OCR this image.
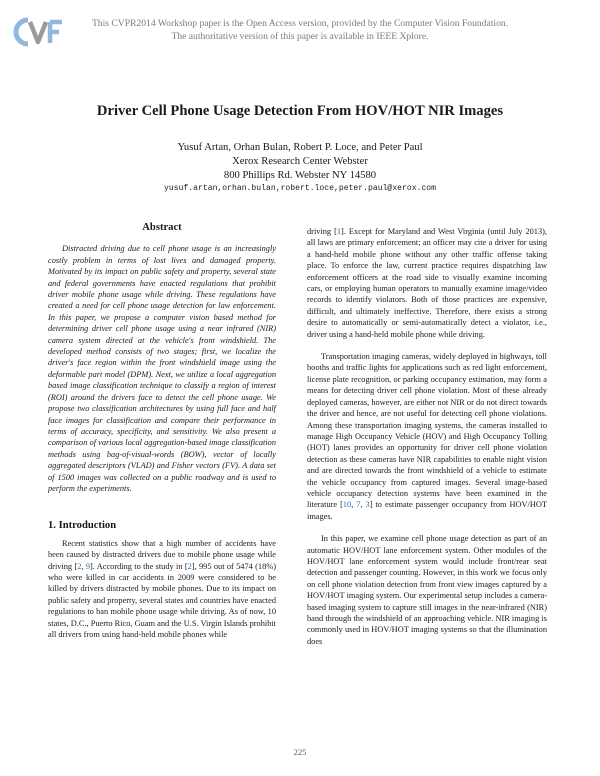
This CVPR2014 Workshop paper is the Open Access version, provided by the Computer Vision Foundation.
The authoritative version of this paper is available in IEEE Xplore.
Driver Cell Phone Usage Detection From HOV/HOT NIR Images
Yusuf Artan, Orhan Bulan, Robert P. Loce, and Peter Paul
Xerox Research Center Webster
800 Phillips Rd. Webster NY 14580
yusuf.artan,orhan.bulan,robert.loce,peter.paul@xerox.com
Abstract

Distracted driving due to cell phone usage is an increasingly costly problem in terms of lost lives and damaged property. Motivated by its impact on public safety and property, several state and federal governments have enacted regulations that prohibit driver mobile phone usage while driving. These regulations have created a need for cell phone usage detection for law enforcement. In this paper, we propose a computer vision based method for determining driver cell phone usage using a near infrared (NIR) camera system directed at the vehicle's front windshield. The developed method consists of two stages; first, we localize the driver's face region within the front windshield image using the deformable part model (DPM). Next, we utilize a local aggregation based image classification technique to classify a region of interest (ROI) around the drivers face to detect the cell phone usage. We propose two classification architectures by using full face and half face images for classification and compare their performance in terms of accuracy, specificity, and sensitivity. We also present a comparison of various local aggregation-based image classification methods using bag-of-visual-words (BOW), vector of locally aggregated descriptors (VLAD) and Fisher vectors (FV). A data set of 1500 images was collected on a public roadway and is used to perform the experiments.

1. Introduction

Recent statistics show that a high number of accidents have been caused by distracted drivers due to mobile phone usage while driving [2, 9]. According to the study in [2], 995 out of 5474 (18%) who were killed in car accidents in 2009 were considered to be killed by drivers distracted by mobile phones. Due to its impact on public safety and property, several states and countries have enacted regulations to ban mobile phone usage while driving. As of now, 10 states, D.C., Puerto Rico, Guam and the U.S. Virgin Islands prohibit all drivers from using hand-held mobile phones while

driving [1]. Except for Maryland and West Virginia (until July 2013), all laws are primary enforcement; an officer may cite a driver for using a hand-held mobile phone without any other traffic offense taking place. To enforce the law, current practice requires dispatching law enforcement officers at the road side to visually examine incoming cars, or employing human operators to manually examine image/video records to identify violators. Both of those practices are expensive, difficult, and ultimately ineffective. Therefore, there exists a strong desire to automatically or semi-automatically detect a violator, i.e., driver using a hand-held mobile phone while driving.

Transportation imaging cameras, widely deployed in highways, toll booths and traffic lights for applications such as red light enforcement, license plate recognition, or parking occupancy estimation, may form a means for detecting driver cell phone violation. Most of these already deployed cameras, however, are either not NIR or do not direct towards the driver and hence, are not useful for detecting cell phone violations. Among these transportation imaging systems, the cameras installed to manage High Occupancy Vehicle (HOV) and High Occupancy Tolling (HOT) lanes provides an opportunity for driver cell phone violation detection as these cameras have NIR capabilities to enable night vision and are directed towards the front windshield of a vehicle to estimate the vehicle occupancy from captured images. Several image-based vehicle occupancy detection systems have been examined in the literature [10, 7, 3] to estimate passenger occupancy from HOV/HOT images.

In this paper, we examine cell phone usage detection as part of an automatic HOV/HOT lane enforcement system. Other modules of the HOV/HOT lane enforcement system would include front/rear seat detection and passenger counting. However, in this work we focus only on cell phone violation detection from front view images captured by a HOV/HOT imaging system. Our experimental setup includes a camera-based imaging system to capture still images in the near-infrared (NIR) band through the windshield of an approaching vehicle. NIR imaging is commonly used in HOV/HOT imaging systems so that the illumination does

225
